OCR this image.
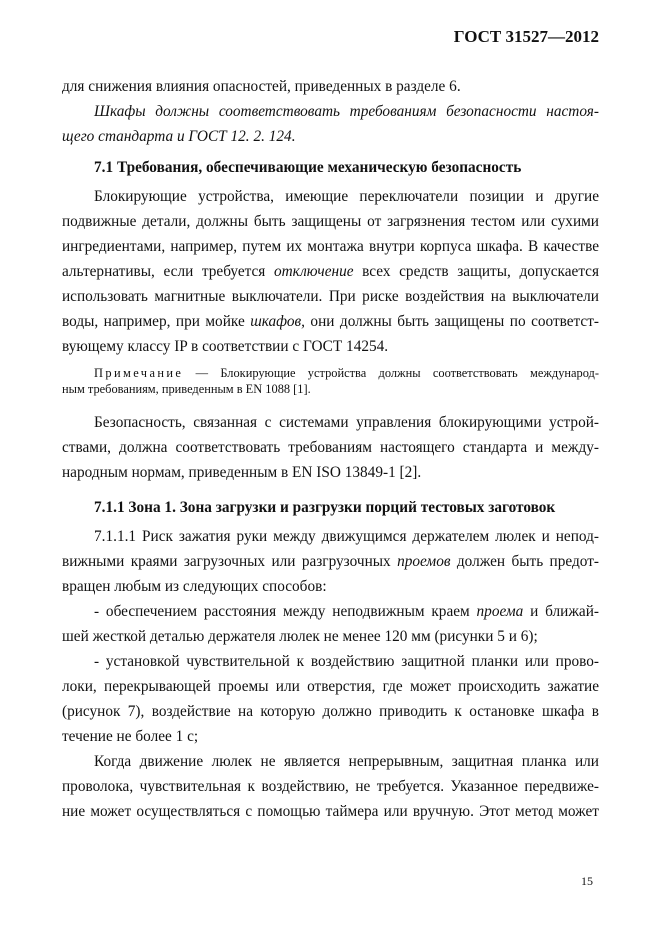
ГОСТ 31527—2012

для снижения влияния опасностей, приведенных в разделе 6.

Шкафы должны соответствовать требованиям безопасности настоя-
щего стандарта и ГОСТ 12. 2. 124.

7.1 Требования, обеспечивающие механическую безопасность

Блокирующие устройства, имеющие переключатели позиции и другие
подвижные детали, должны быть защищены от загрязнения тестом или сухими
ингредиентами, например, путем их монтажа внутри корпуса шкафа. В качестве
альтернативы, если требуется отключение всех средств защиты, допускается
использовать магнитные выключатели. При риске воздействия на выключатели
воды, например, при мойке шкафов, они должны быть защищены по соответст-
вующему классу IP в соответствии с ГОСТ 14254.

Примечание — Блокирующие устройства должны соответствовать международ-
ным требованиям, приведенным в EN 1088 [1].

Безопасность, связанная с системами управления блокирующими устрой-
ствами, должна соответствовать требованиям настоящего стандарта и между-
народным нормам, приведенным в EN ISO 13849-1 [2].

7.1.1 Зона 1. Зона загрузки и разгрузки порций тестовых заготовок

7.1.1.1 Риск зажатия руки между движущимся держателем люлек и непод-
вижными краями загрузочных или разгрузочных проемов должен быть предот-
вращен любым из следующих способов:

- обеспечением расстояния между неподвижным краем проема и ближай-
шей жесткой деталью держателя люлек не менее 120 мм (рисунки 5 и 6);

- установкой чувствительной к воздействию защитной планки или прово-
локи, перекрывающей проемы или отверстия, где может происходить зажатие
(рисунок 7), воздействие на которую должно приводить к остановке шкафа в
течение не более 1 с;

Когда движение люлек не является непрерывным, защитная планка или
проволока, чувствительная к воздействию, не требуется. Указанное передвиже-
ние может осуществляться с помощью таймера или вручную. Этот метод может

15
